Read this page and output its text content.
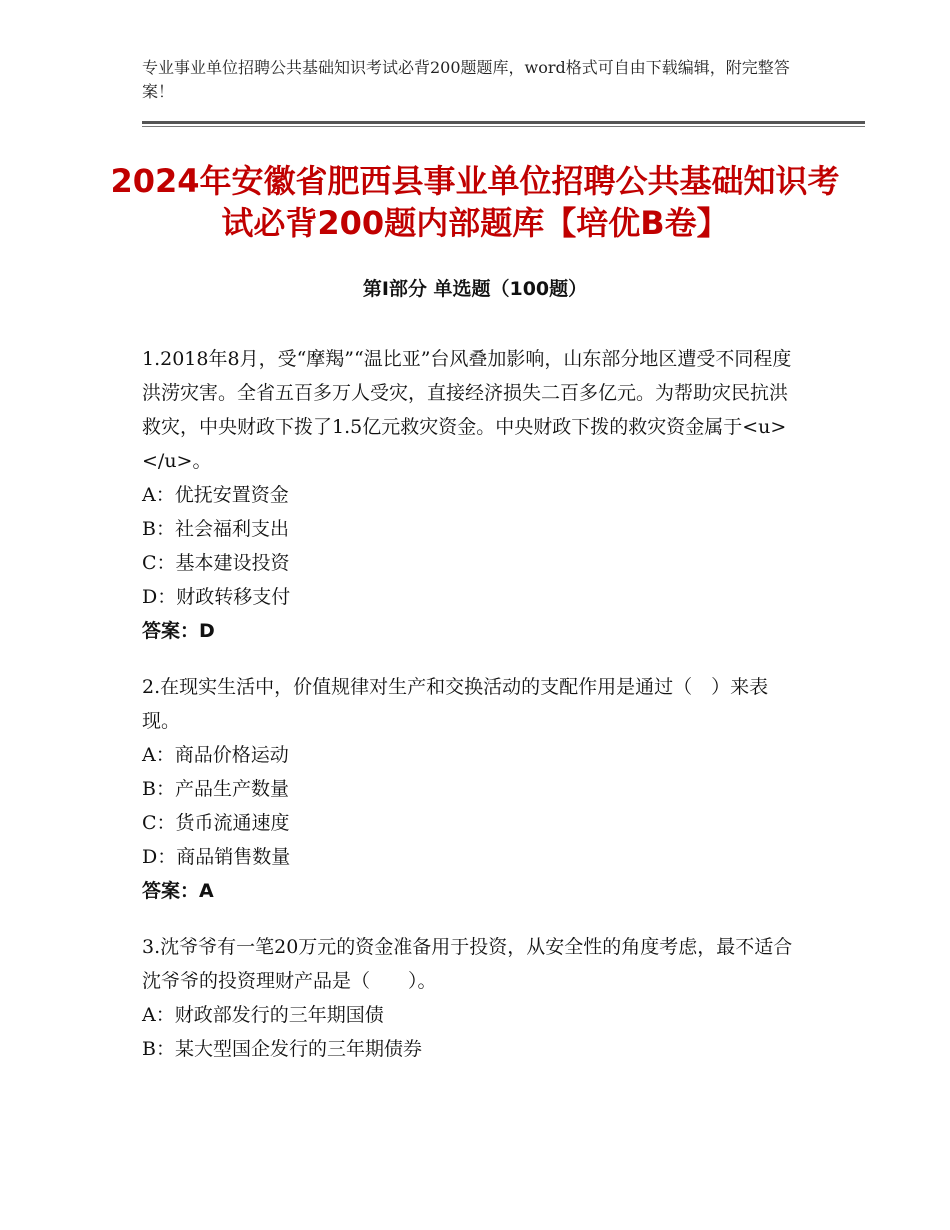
专业事业单位招聘公共基础知识考试必背200题题库，word格式可自由下载编辑，附完整答案！
2024年安徽省肥西县事业单位招聘公共基础知识考试必背200题内部题库【培优B卷】
第Ⅰ部分 单选题（100题）

1.2018年8月，受“摩羯”“温比亚”台风叠加影响，山东部分地区遭受不同程度洪涝灾害。全省五百多万人受灾，直接经济损失二百多亿元。为帮助灾民抗洪救灾，中央财政下拨了1.5亿元救灾资金。中央财政下拨的救灾资金属于<u>　　</u>。

A：优抚安置资金

B：社会福利支出

C：基本建设投资

D：财政转移支付

答案：D

2.在现实生活中，价值规律对生产和交换活动的支配作用是通过（　）来表现。

A：商品价格运动

B：产品生产数量

C：货币流通速度

D：商品销售数量

答案：A

3.沈爷爷有一笔20万元的资金准备用于投资，从安全性的角度考虑，最不适合沈爷爷的投资理财产品是（　　）。

A：财政部发行的三年期国债

B：某大型国企发行的三年期债券
